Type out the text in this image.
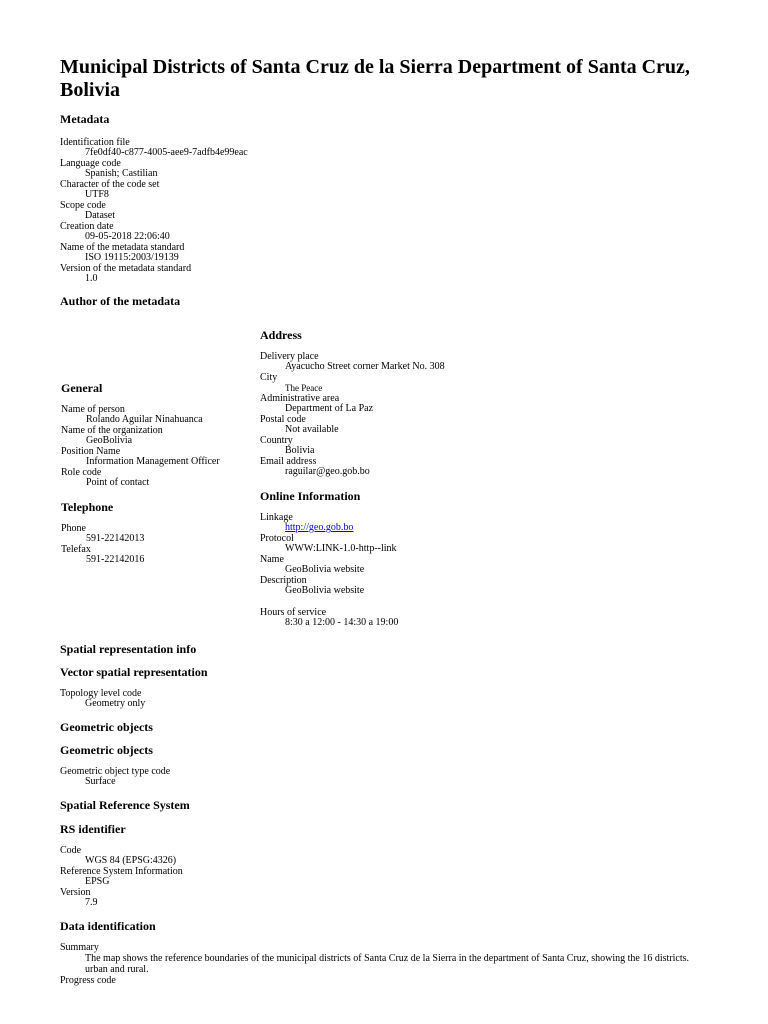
Municipal Districts of Santa Cruz de la Sierra Department of Santa Cruz, Bolivia
Metadata
Identification file
7fe0df40-c877-4005-aee9-7adfb4e99eac
Language code
Spanish; Castilian
Character of the code set
UTF8
Scope code
Dataset
Creation date
09-05-2018 22:06:40
Name of the metadata standard
ISO 19115:2003/19139
Version of the metadata standard
1.0
Author of the metadata
General
Name of person
Rolando Aguilar Ninahuanca
Name of the organization
GeoBolivia
Position Name
Information Management Officer
Role code
Point of contact
Telephone
Phone
591-22142013
Telefax
591-22142016
Address
Delivery place
Ayacucho Street corner Market No. 308
City
The Peace
Administrative area
Department of La Paz
Postal code
Not available
Country
Bolivia
Email address
raguilar@geo.gob.bo
Online Information
Linkage
http://geo.gob.bo
Protocol
WWW:LINK-1.0-http--link
Name
GeoBolivia website
Description
GeoBolivia website
Hours of service
8:30 a 12:00 - 14:30 a 19:00
Spatial representation info
Vector spatial representation
Topology level code
Geometry only
Geometric objects
Geometric objects
Geometric object type code
Surface
Spatial Reference System
RS identifier
Code
WGS 84 (EPSG:4326)
Reference System Information
EPSG
Version
7.9
Data identification
Summary
The map shows the reference boundaries of the municipal districts of Santa Cruz de la Sierra in the department of Santa Cruz, showing the 16 districts. urban and rural.
Progress code
